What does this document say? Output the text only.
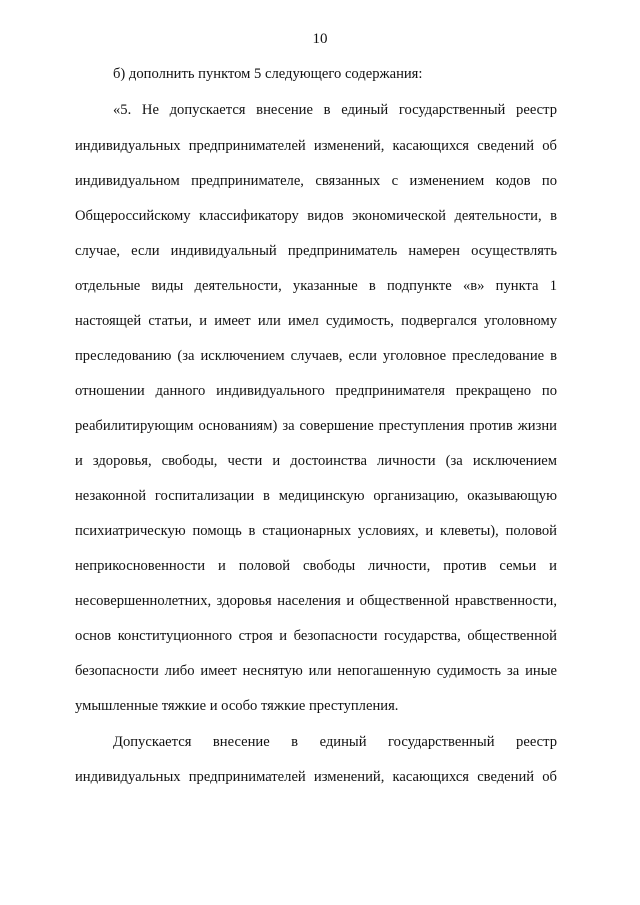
10
б) дополнить пунктом 5 следующего содержания:
«5. Не допускается внесение в единый государственный реестр
индивидуальных предпринимателей изменений, касающихся сведений об
индивидуальном предпринимателе, связанных с изменением кодов по
Общероссийскому классификатору видов экономической деятельности, в
случае, если индивидуальный предприниматель намерен осуществлять
отдельные виды деятельности, указанные в подпункте «в» пункта 1
настоящей статьи, и имеет или имел судимость, подвергался уголовному
преследованию (за исключением случаев, если уголовное преследование в
отношении данного индивидуального предпринимателя прекращено по
реабилитирующим основаниям) за совершение преступления против жизни
и здоровья, свободы, чести и достоинства личности (за исключением
незаконной госпитализации в медицинскую организацию, оказывающую
психиатрическую помощь в стационарных условиях, и клеветы), половой
неприкосновенности и половой свободы личности, против семьи и
несовершеннолетних, здоровья населения и общественной нравственности,
основ конституционного строя и безопасности государства, общественной
безопасности либо имеет неснятую или непогашенную судимость за иные
умышленные тяжкие и особо тяжкие преступления.
Допускается внесение в единый государственный реестр
индивидуальных предпринимателей изменений, касающихся сведений об
